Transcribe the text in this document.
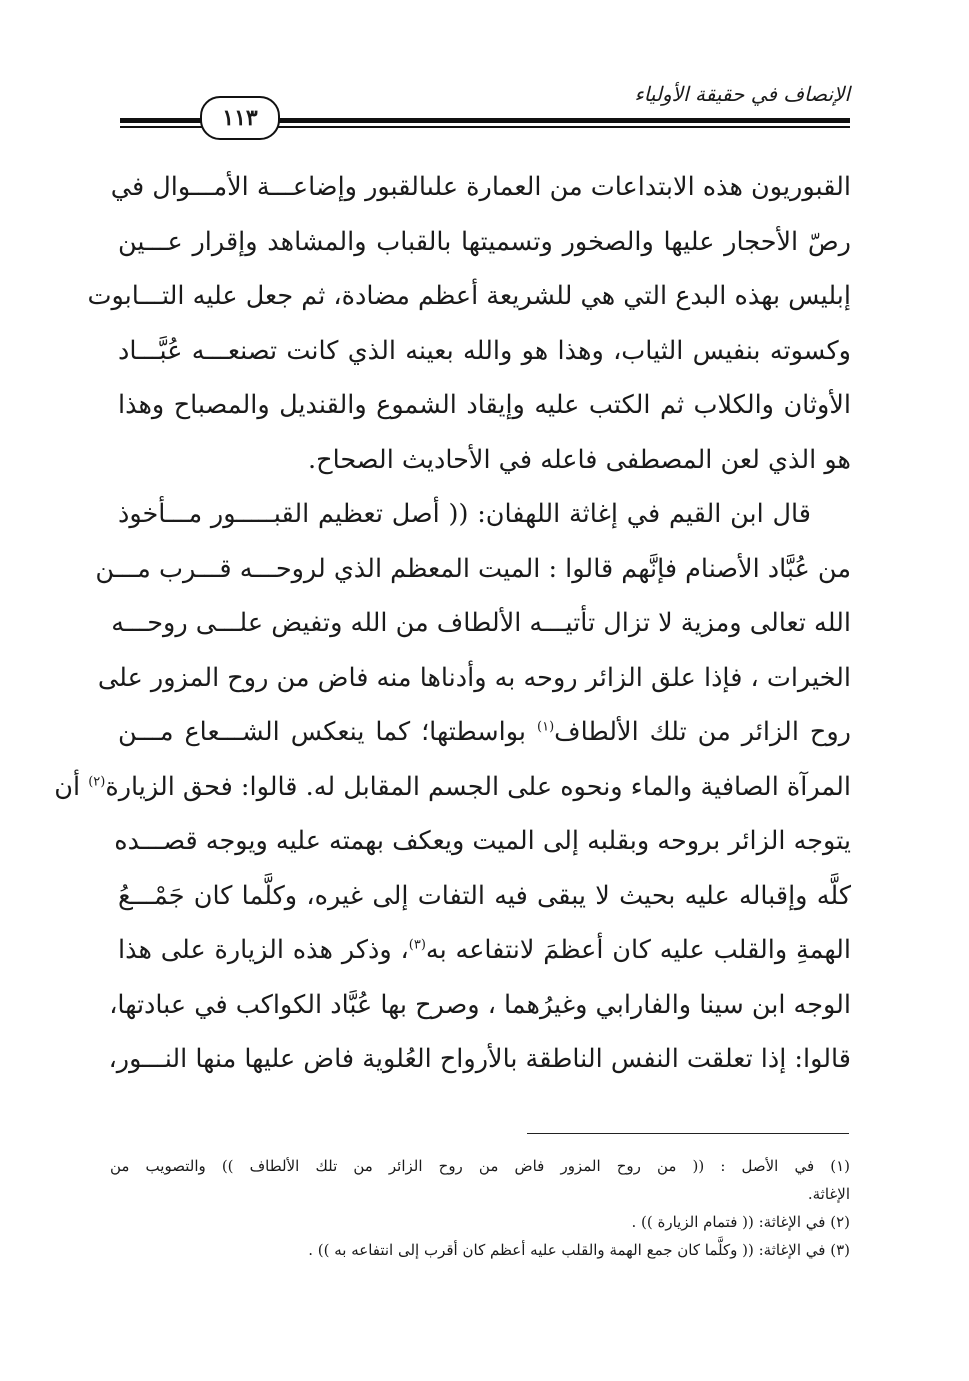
الإنصاف في حقيقة الأولياء
١١٣
القبوريون هذه الابتداعات من العمارة علىالقبور وإضاعـــة الأمـــوال في
رصّ الأحجار عليها والصخور وتسميتها بالقباب والمشاهد وإقرار عـــين
إبليس بهذه البدع التي هي للشريعة أعظم مضادة، ثم جعل عليه التـــابوت
وكسوته بنفيس الثياب، وهذا هو والله بعينه الذي كانت تصنعـــه عُبَّـــاد
الأوثان والكلاب ثم الكتب عليه وإيقاد الشموع والقنديل والمصباح وهذا
هو الذي لعن المصطفى فاعله في الأحاديث الصحاح.
قال ابن القيم في إغاثة اللهفان: (( أصل تعظيم القبـــــور مـــأخوذ
من عُبَّاد الأصنام فإنَّهم قالوا : الميت المعظم الذي لروحـــه قـــرب مـــن
الله تعالى ومزية لا تزال تأتيـــه الألطاف من الله وتفيض علـــى روحـــه
الخيرات ، فإذا علق الزائر روحه به وأدناها منه فاض من روح المزور على
روح الزائر من تلك الألطاف$^{(١)}$ بواسطتها؛ كما ينعكس الشـــعاع مـــن
المرآة الصافية والماء ونحوه على الجسم المقابل له. قالوا: فحق الزيارة$^{(٢)}$ أن
يتوجه الزائر بروحه وبقلبه إلى الميت ويعكف بهمته عليه ويوجه قصـــده
كلَّه وإقباله عليه بحيث لا يبقى فيه التفات إلى غيره، وكلَّما كان جَمْـــعُ
الهمةِ والقلب عليه كان أعظمَ لانتفاعه به$^{(٣)}$، وذكر هذه الزيارة على هذا
الوجه ابن سينا والفارابي وغيرُهما ، وصرح بها عُبَّاد الكواكب في عبادتها،
قالوا: إذا تعلقت النفس الناطقة بالأرواح العُلوية فاض عليها منها النـــور،
(١) في الأصل : (( من روح المزور فاض من روح الزائر من تلك الألطاف )) والتصويب من
الإغاثة.
(٢) في الإغاثة: (( فتمام الزيارة )) .
(٣) في الإغاثة: (( وكلَّما كان جمع الهمة والقلب عليه أعظم كان أقرب إلى انتفاعه به )) .
